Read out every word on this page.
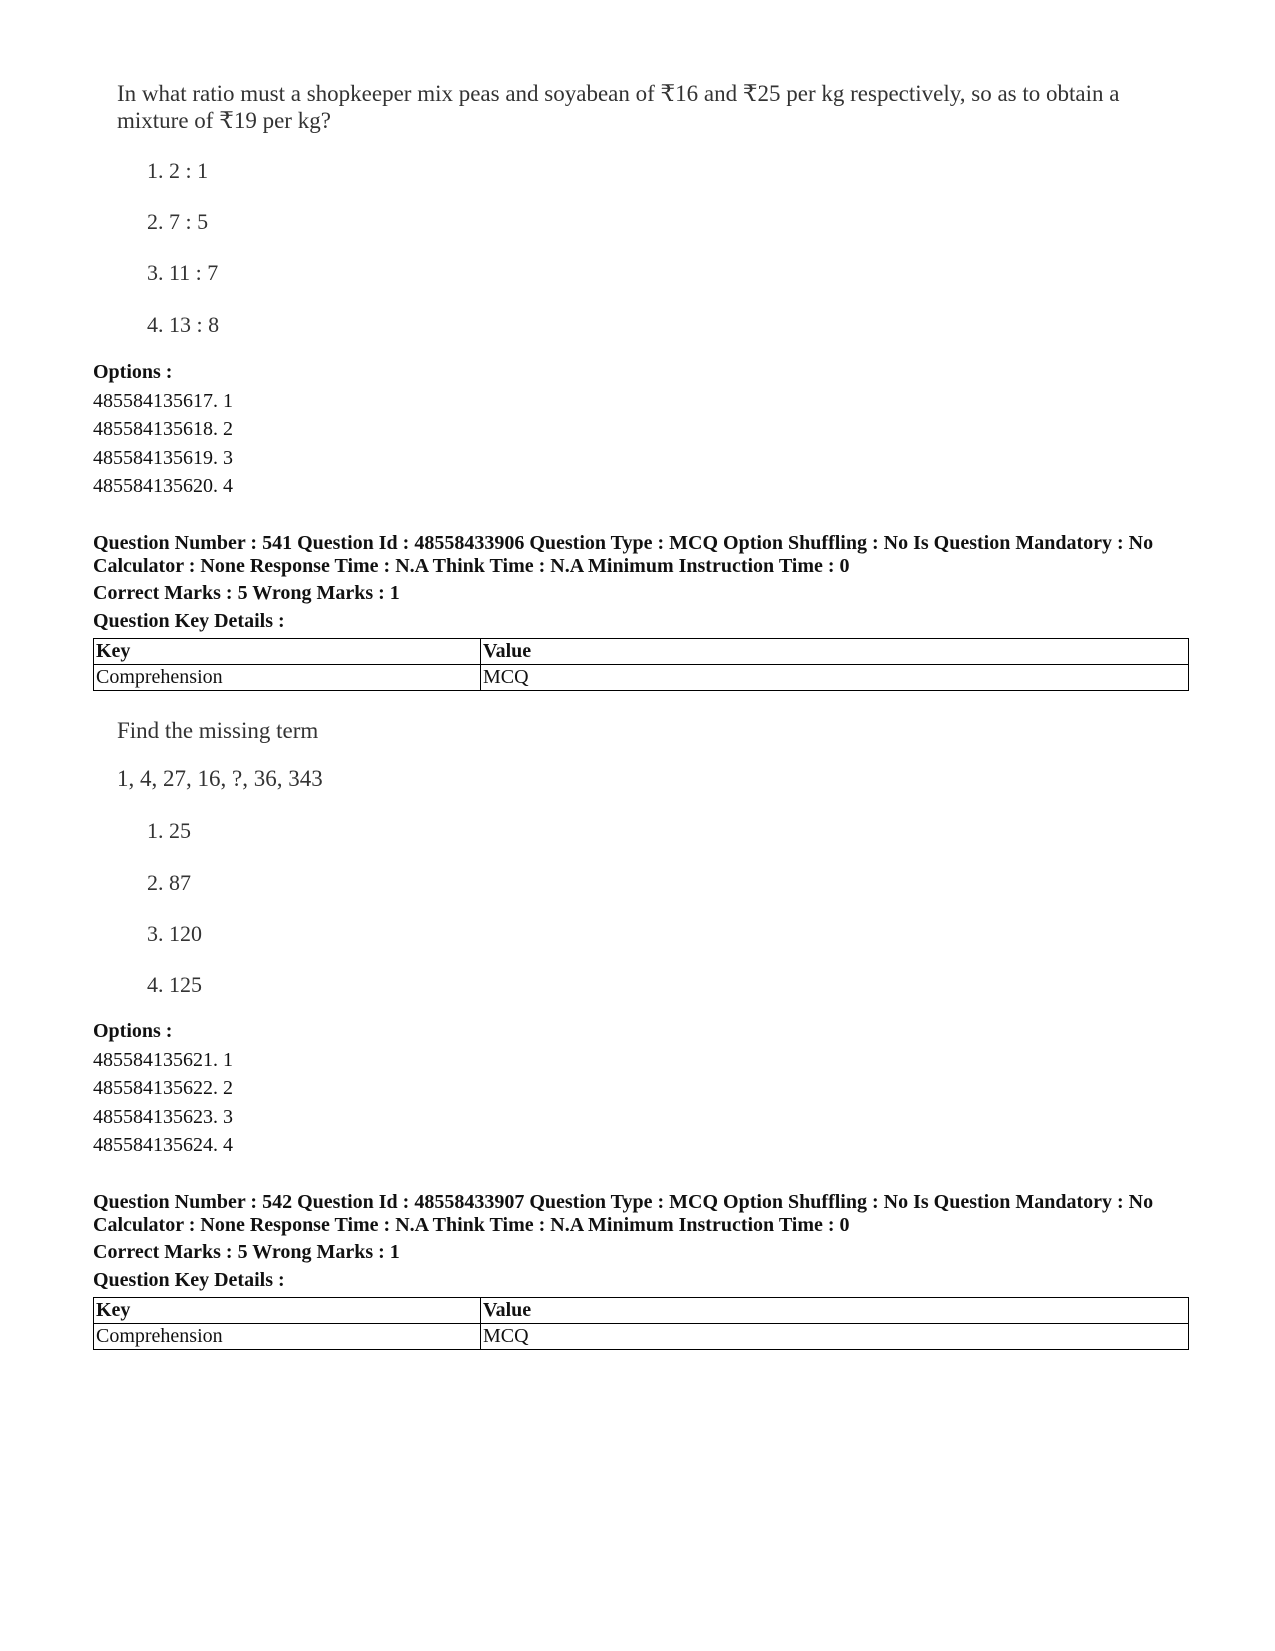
In what ratio must a shopkeeper mix peas and soyabean of ₹16 and ₹25 per kg respectively, so as to obtain a mixture of ₹19 per kg?

1. 2 : 1
2. 7 : 5
3. 11 : 7
4. 13 : 8
Options :
485584135617. 1
485584135618. 2
485584135619. 3
485584135620. 4
Question Number : 541 Question Id : 48558433906 Question Type : MCQ Option Shuffling : No Is Question Mandatory : No Calculator : None Response Time : N.A Think Time : N.A Minimum Instruction Time : 0
Correct Marks : 5 Wrong Marks : 1
Question Key Details :
Key	Value
Comprehension	MCQ

Find the missing term

1, 4, 27, 16, ?, 36, 343

1. 25
2. 87
3. 120
4. 125
Options :
485584135621. 1
485584135622. 2
485584135623. 3
485584135624. 4
Question Number : 542 Question Id : 48558433907 Question Type : MCQ Option Shuffling : No Is Question Mandatory : No Calculator : None Response Time : N.A Think Time : N.A Minimum Instruction Time : 0
Correct Marks : 5 Wrong Marks : 1
Question Key Details :
Key	Value
Comprehension	MCQ
